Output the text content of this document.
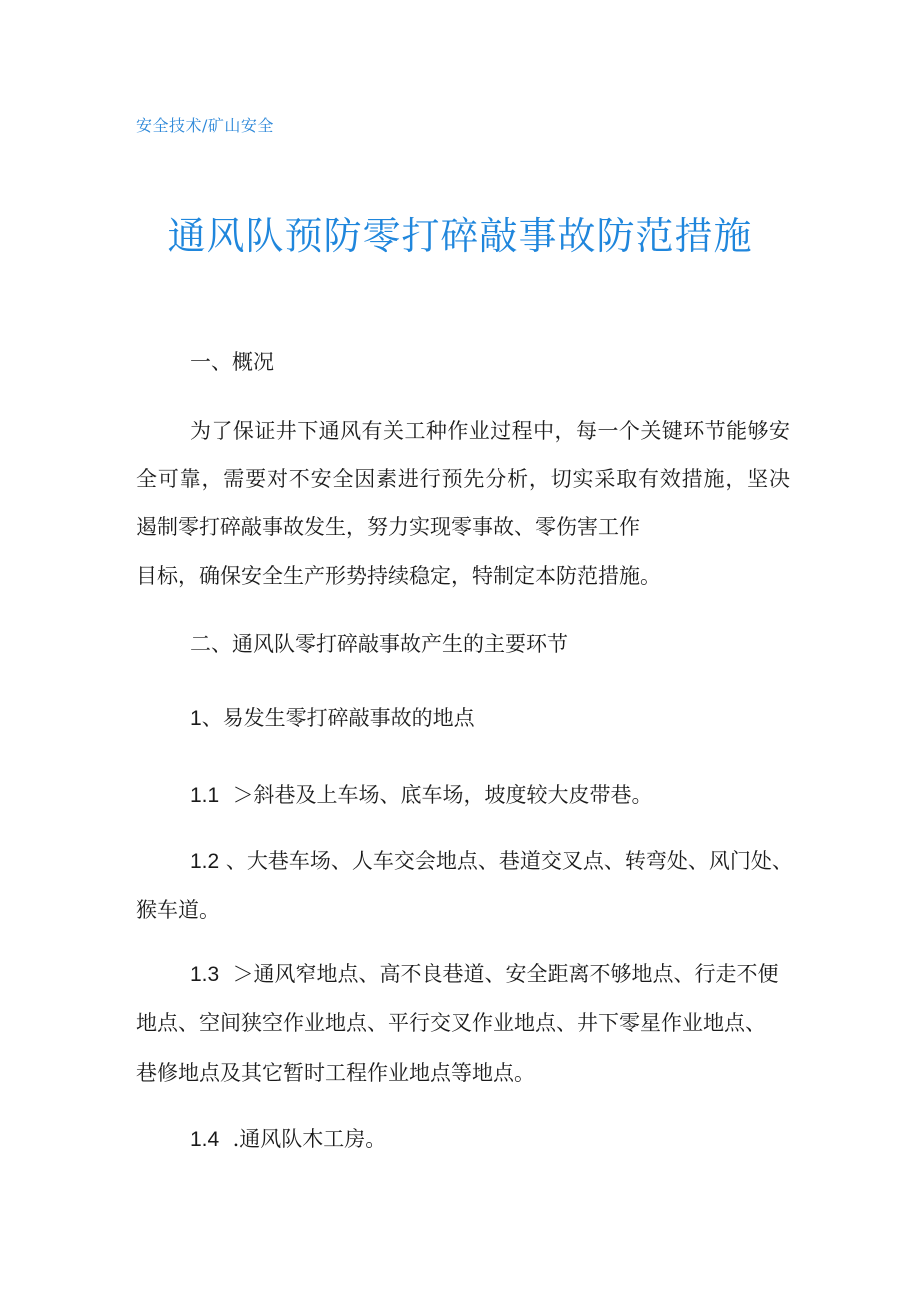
安全技术/矿山安全
通风队预防零打碎敲事故防范措施
一、概况
为了保证井下通风有关工种作业过程中，每一个关键环节能够安
全可靠，需要对不安全因素进行预先分析，切实采取有效措施，坚决
遏制零打碎敲事故发生，努力实现零事故、零伤害工作
目标，确保安全生产形势持续稳定，特制定本防范措施。
二、通风队零打碎敲事故产生的主要环节
1、易发生零打碎敲事故的地点
1.1 ＞斜巷及上车场、底车场，坡度较大皮带巷。
1.2 、大巷车场、人车交会地点、巷道交叉点、转弯处、风门处、
猴车道。
1.3 ＞通风窄地点、高不良巷道、安全距离不够地点、行走不便
地点、空间狭空作业地点、平行交叉作业地点、井下零星作业地点、
巷修地点及其它暂时工程作业地点等地点。
1.4 .通风队木工房。
